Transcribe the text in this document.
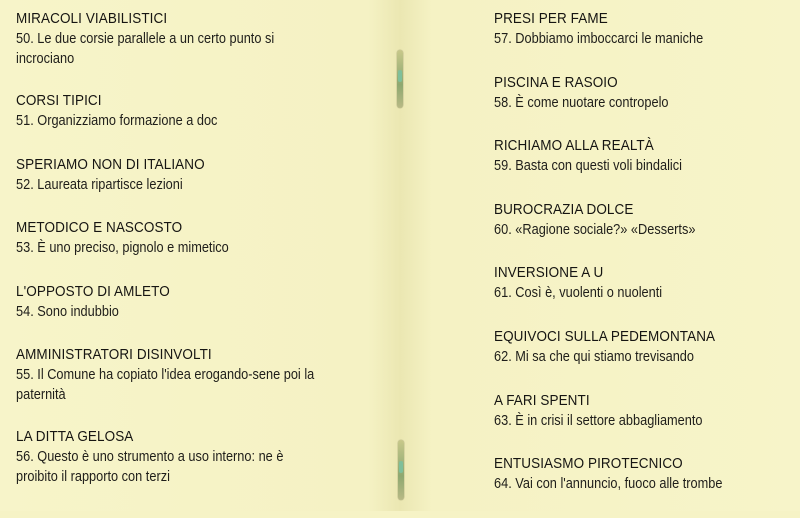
MIRACOLI VIABILISTICI
50. Le due corsie parallele a un certo punto si incrociano
CORSI TIPICI
51. Organizziamo formazione a doc
SPERIAMO NON DI ITALIANO
52. Laureata ripartisce lezioni
METODICO E NASCOSTO
53. È uno preciso, pignolo e mimetico
L'OPPOSTO DI AMLETO
54. Sono indubbio
AMMINISTRATORI DISINVOLTI
55. Il Comune ha copiato l'idea erogando-sene poi la paternità
LA DITTA GELOSA
56. Questo è uno strumento a uso interno: ne è proibito il rapporto con terzi
PRESI PER FAME
57. Dobbiamo imboccarci le maniche
PISCINA E RASOIO
58. È come nuotare contropelo
RICHIAMO ALLA REALTÀ
59. Basta con questi voli bindalici
BUROCRAZIA DOLCE
60. «Ragione sociale?» «Desserts»
INVERSIONE A U
61. Così è, vuolenti o nuolenti
EQUIVOCI SULLA PEDEMONTANA
62. Mi sa che qui stiamo trevisando
A FARI SPENTI
63. È in crisi il settore abbagliamento
ENTUSIASMO PIROTECNICO
64. Vai con l'annuncio, fuoco alle trombe
